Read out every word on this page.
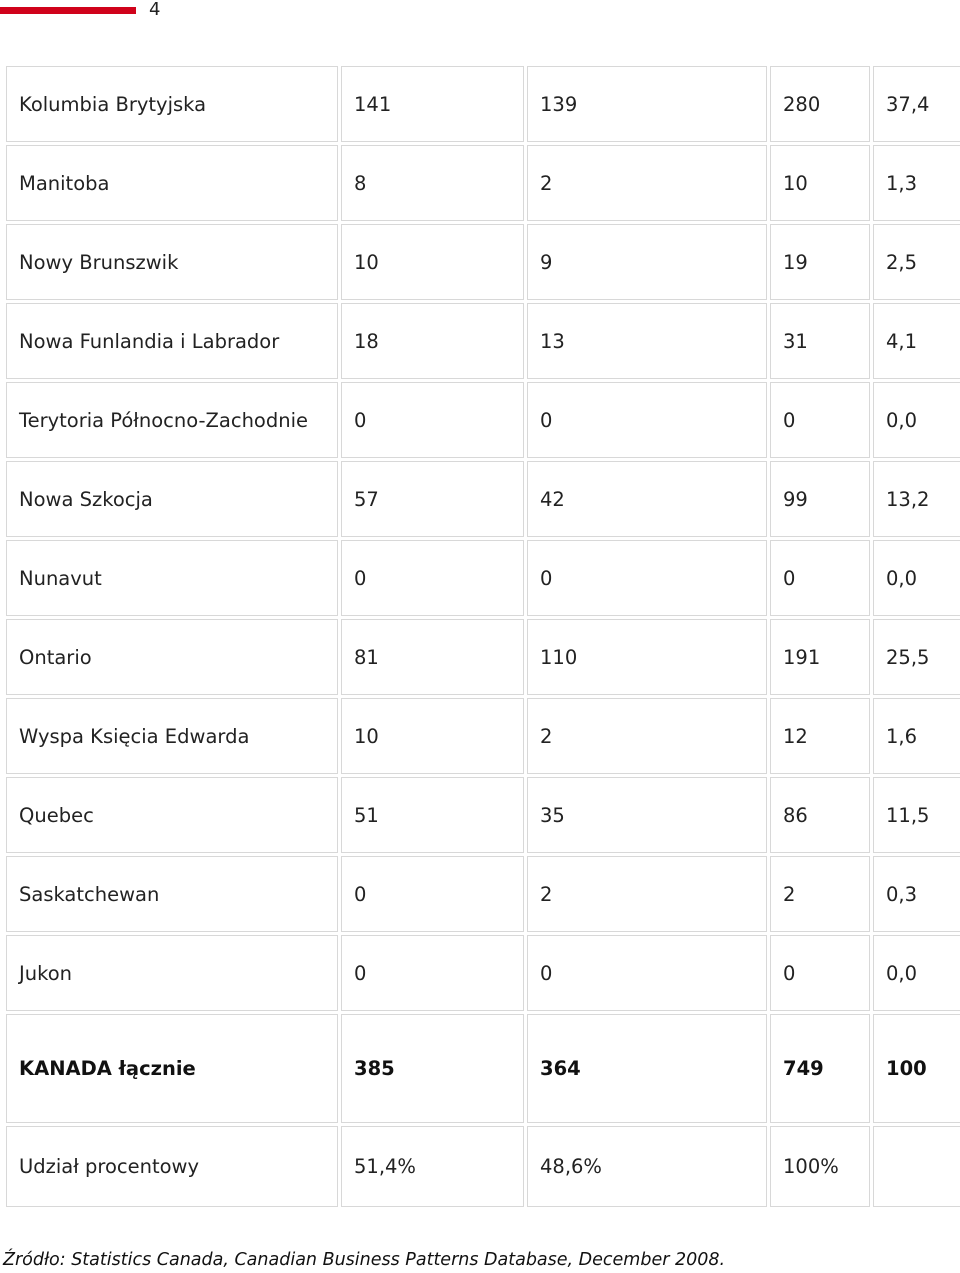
4
Kolumbia Brytyjska	141	139	280	37,4
Manitoba	8	2	10	1,3
Nowy Brunszwik	10	9	19	2,5
Nowa Funlandia i Labrador	18	13	31	4,1
Terytoria Północno-Zachodnie	0	0	0	0,0
Nowa Szkocja	57	42	99	13,2
Nunavut	0	0	0	0,0
Ontario	81	110	191	25,5
Wyspa Księcia Edwarda	10	2	12	1,6
Quebec	51	35	86	11,5
Saskatchewan	0	2	2	0,3
Jukon	0	0	0	0,0
KANADA łącznie	385	364	749	100
Udział procentowy	51,4%	48,6%	100%	
Źródło: Statistics Canada, Canadian Business Patterns Database, December 2008.
